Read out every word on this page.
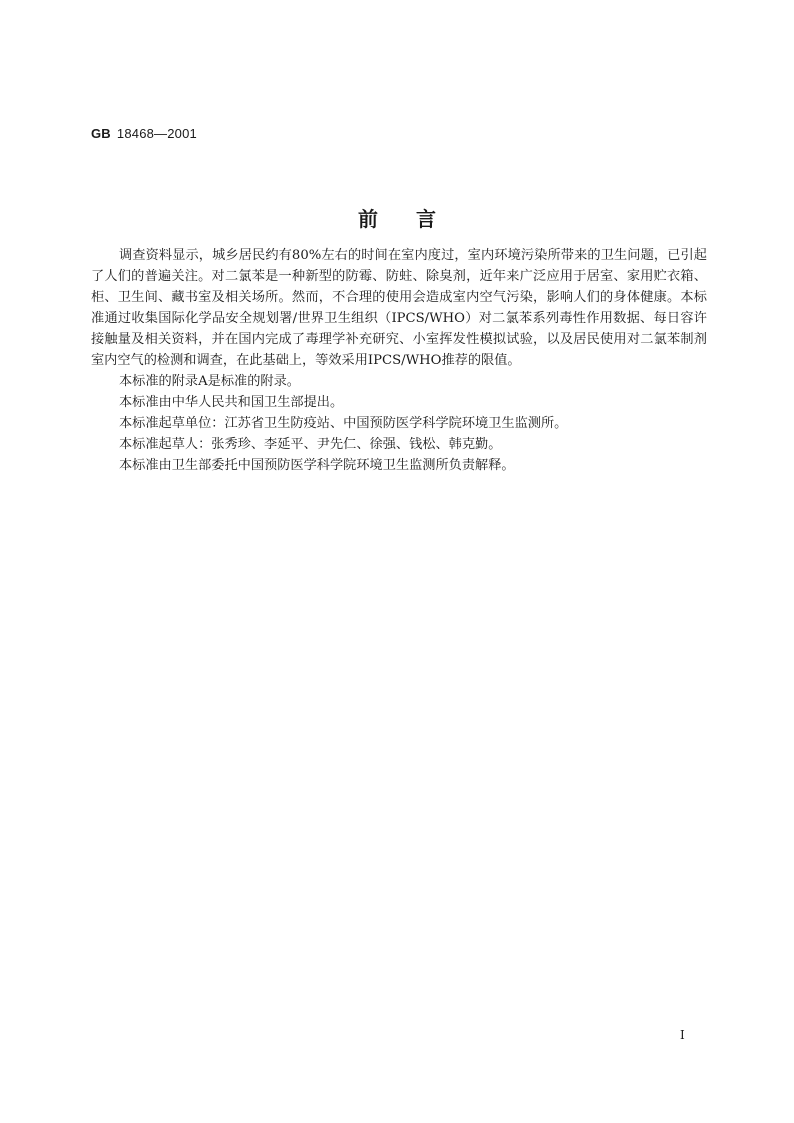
GB 18468—2001
前言

调查资料显示，城乡居民约有80%左右的时间在室内度过，室内环境污染所带来的卫生问题，已引起了人们的普遍关注。对二氯苯是一种新型的防霉、防蛀、除臭剂，近年来广泛应用于居室、家用贮衣箱、柜、卫生间、藏书室及相关场所。然而，不合理的使用会造成室内空气污染，影响人们的身体健康。本标准通过收集国际化学品安全规划署/世界卫生组织（IPCS/WHO）对二氯苯系列毒性作用数据、每日容许接触量及相关资料，并在国内完成了毒理学补充研究、小室挥发性模拟试验，以及居民使用对二氯苯制剂室内空气的检测和调查，在此基础上，等效采用IPCS/WHO推荐的限值。

本标准的附录A是标准的附录。

本标准由中华人民共和国卫生部提出。

本标准起草单位：江苏省卫生防疫站、中国预防医学科学院环境卫生监测所。

本标准起草人：张秀珍、李延平、尹先仁、徐强、钱松、韩克勤。

本标准由卫生部委托中国预防医学科学院环境卫生监测所负责解释。

I
